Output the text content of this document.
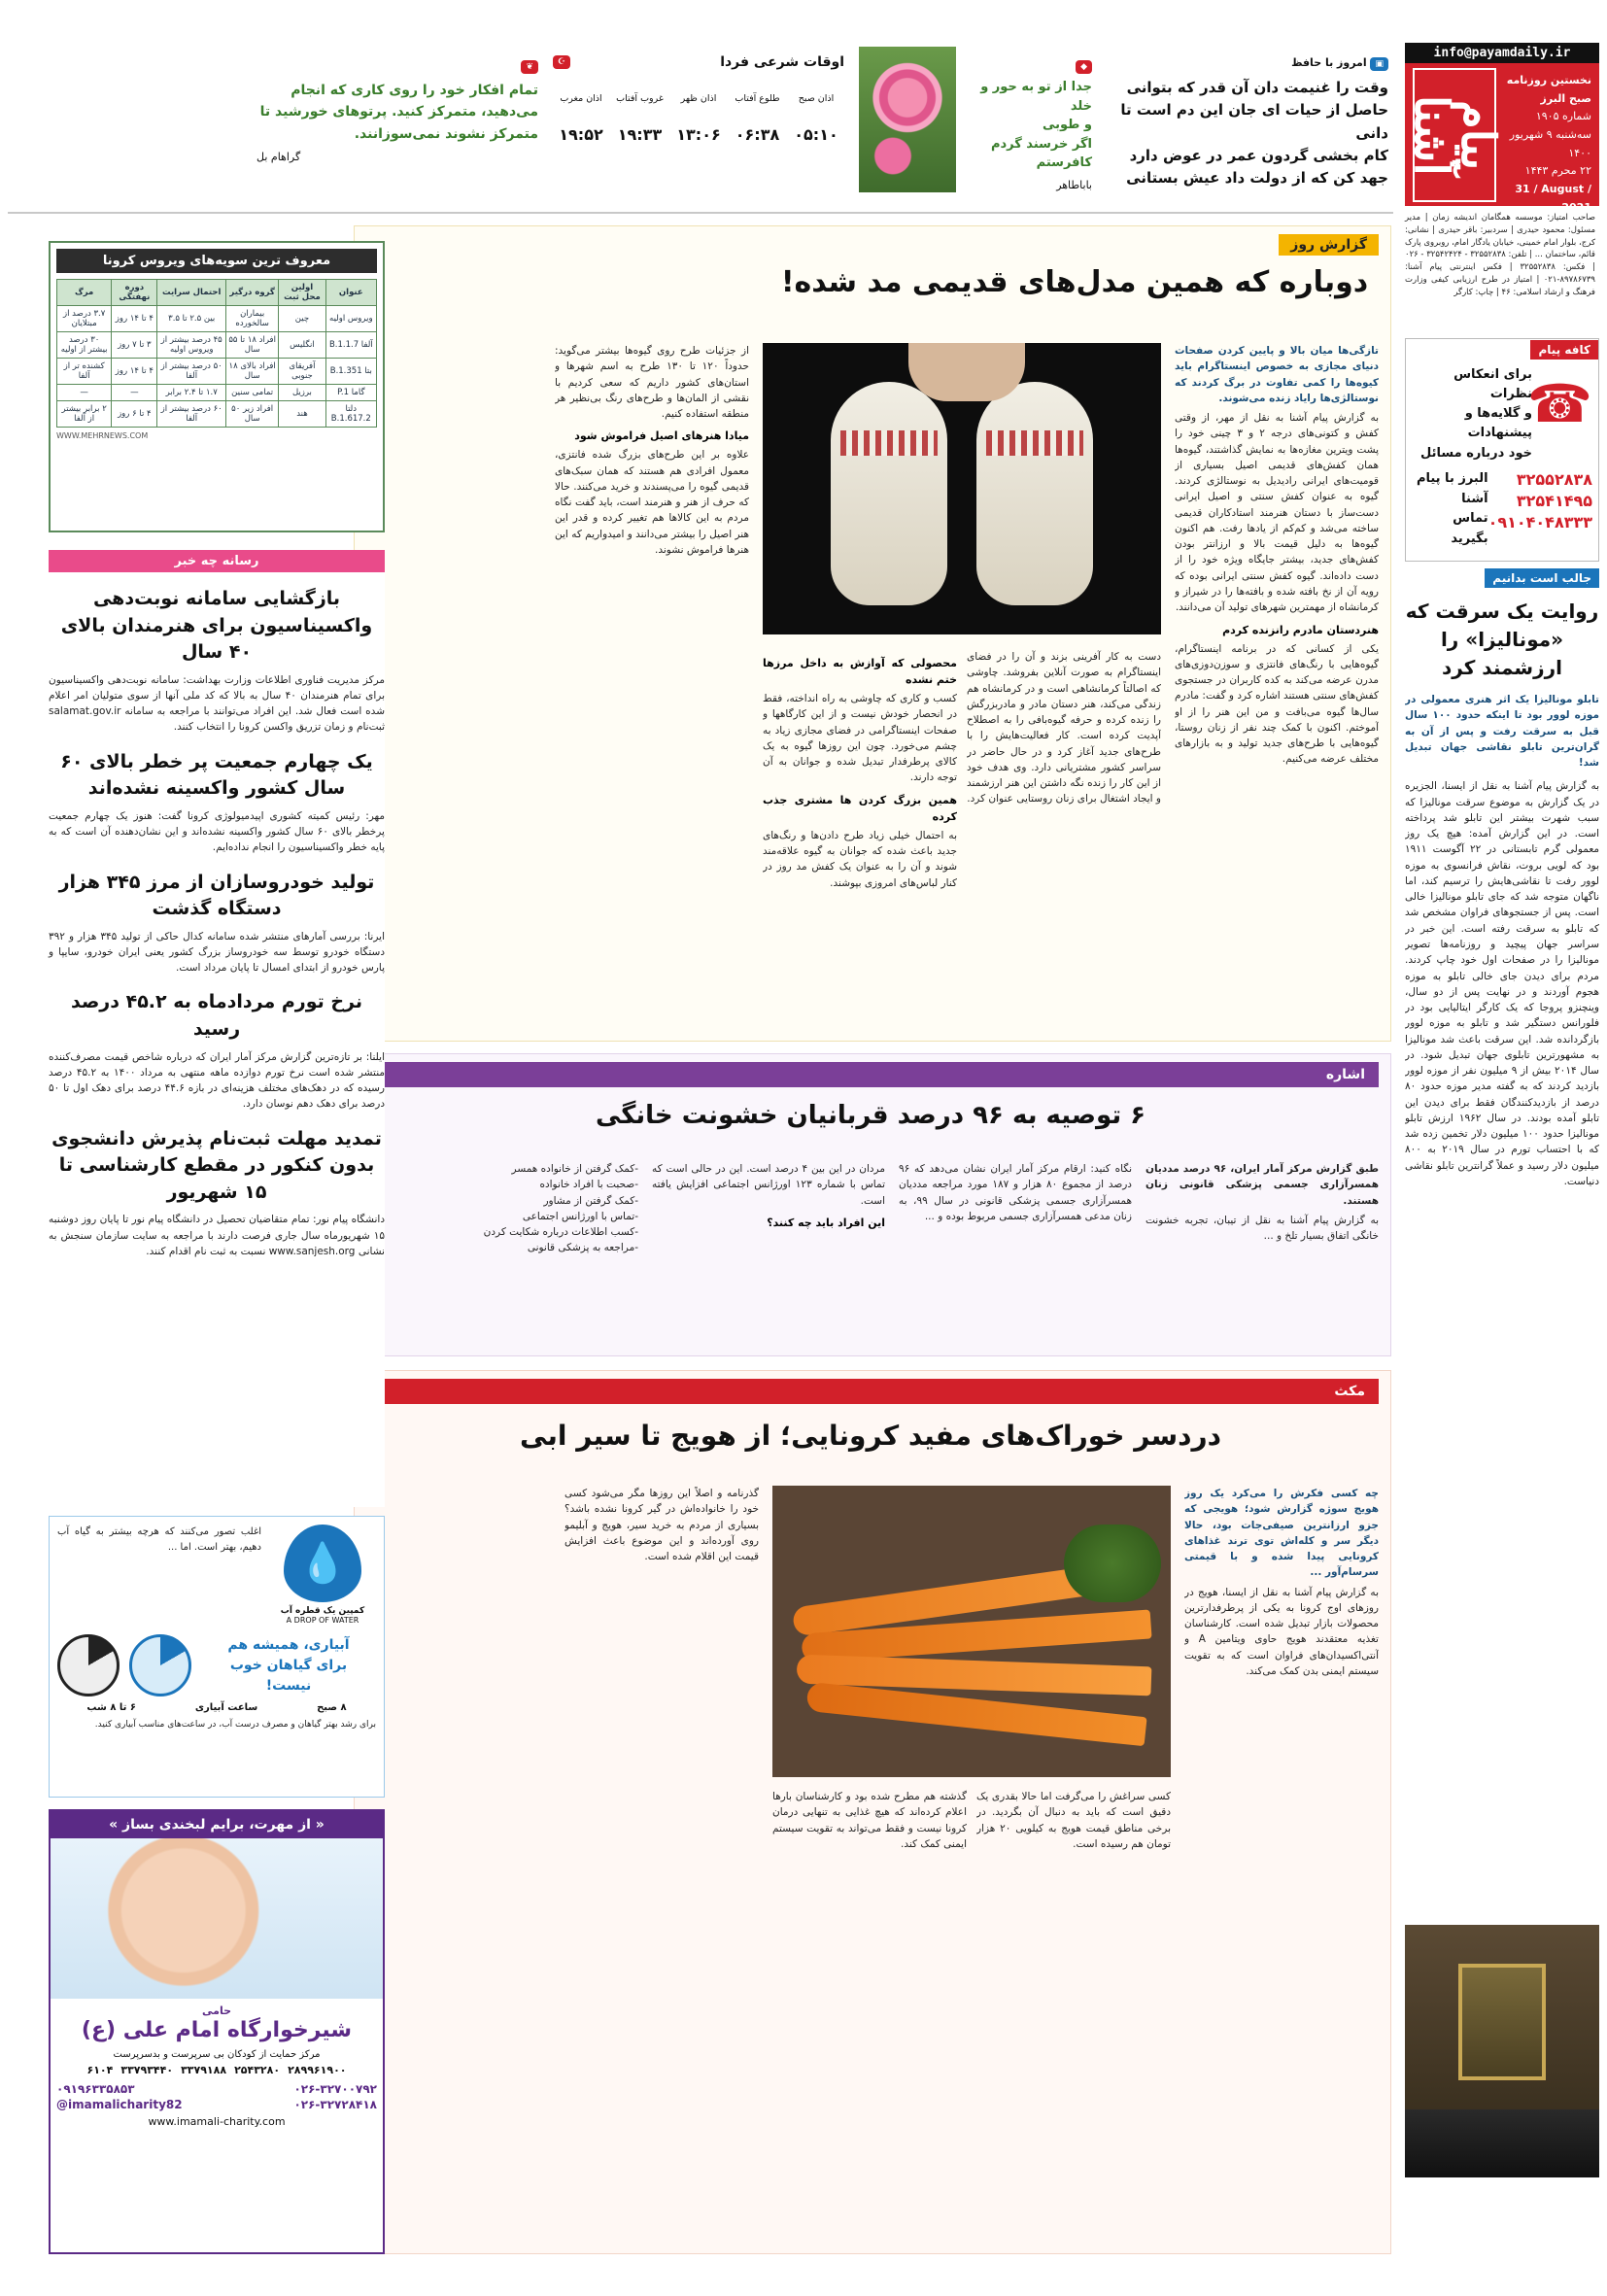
info@payamdaily.ir
پیام آشنا
نخستین روزنامه صبح البرز
شماره ۱۹۰۵
سه‌شنبه ۹ شهریور ۱۴۰۰
۲۲ محرم ۱۴۴۳
31 / August / 2021
صاحب امتیاز: موسسه همگامان اندیشه زمان | مدیر مسئول: محمود حیدری | سردبیر: باقر حیدری | نشانی: کرج، بلوار امام خمینی، خیابان یادگار امام، روبروی پارک قائم، ساختمان ... | تلفن: ۳۲۵۵۲۸۳۸ - ۳۲۵۴۲۴۲۴ - ۰۲۶ | فکس: ۳۲۵۵۲۸۳۸ | فکس اینترنتی پیام آشنا: ۸۹۷۸۶۷۳۹-۰۲۱ | امتیاز در طرح ارزیابی کیفی وزارت فرهنگ و ارشاد اسلامی: ۴۶ | چاپ: کارگر
▣ امروز با حافظ
وقت را غنیمت دان آن قدر که بتوانی
حاصل از حیات ای جان این دم است تا دانی
کام بخشی گردون عمر در عوض دارد
جهد کن که از دولت داد عیش بستانی
◆
جدا از تو به حور و خلد
و طوبی
اگر خرسند گردم
کافرستم
باباطاهر
اوقات شرعی فردا
☪
اذان صبح
۰۵:۱۰
طلوع آفتاب
۰۶:۳۸
اذان ظهر
۱۳:۰۶
غروب آفتاب
۱۹:۳۳
اذان مغرب
۱۹:۵۲
❦
تمام افکار خود را روی کاری که انجام می‌دهید، متمرکز کنید. پرتوهای خورشید تا متمرکز نشوند نمی‌سوزانند.
گراهام بل
کافه پیام
☎
برای انعکاس نظرات
و گلایه‌ها و پیشنهادات
خود درباره مسائل
۳۲۵۵۲۸۳۸
۳۲۵۴۱۴۹۵
۰۹۱۰۴۰۴۸۳۳۳
البرز با پیام آشنا
تماس بگیرید
جالب است بدانیم
روایت یک سرقت که «مونالیزا» را ارزشمند کرد
تابلو مونالیزا یک اثر هنری معمولی در موزه لوور بود تا اینکه حدود ۱۰۰ سال قبل به سرقت رفت و پس از آن به گران‌ترین تابلو نقاشی جهان تبدیل شد!
به گزارش پیام آشنا به نقل از ایسنا، الجزیره در یک گزارش به موضوع سرقت مونالیزا که سبب شهرت بیشتر این تابلو شد پرداخته است. در این گزارش آمده: هیچ یک روز معمولی گرم تابستانی در ۲۲ آگوست ۱۹۱۱ بود که لویی بروت، نقاش فرانسوی به موزه لوور رفت تا نقاشی‌هایش را ترسیم کند، اما ناگهان متوجه شد که جای تابلو مونالیزا خالی است. پس از جستجوهای فراوان مشخص شد که تابلو به سرقت رفته است. این خبر در سراسر جهان پیچید و روزنامه‌ها تصویر مونالیزا را در صفحات اول خود چاپ کردند. مردم برای دیدن جای خالی تابلو به موزه هجوم آوردند و در نهایت پس از دو سال، وینچنزو پروجا که یک کارگر ایتالیایی بود در فلورانس دستگیر شد و تابلو به موزه لوور بازگردانده شد. این سرقت باعث شد مونالیزا به مشهورترین تابلوی جهان تبدیل شود. در سال ۲۰۱۴ بیش از ۹ میلیون نفر از موزه لوور بازدید کردند که به گفته مدیر موزه حدود ۸۰ درصد از بازدیدکنندگان فقط برای دیدن این تابلو آمده بودند. در سال ۱۹۶۲ ارزش تابلو مونالیزا حدود ۱۰۰ میلیون دلار تخمین زده شد که با احتساب تورم در سال ۲۰۱۹ به ۸۰۰ میلیون دلار رسید و عملاً گرانترین تابلو نقاشی دنیاست.
گزارش روز
دوباره که همین مدل‌های قدیمی مد شده!

تازگی‌ها میان بالا و پایین کردن صفحات دنیای مجازی به خصوص اینستاگرام باید کیوه‌ها را کمی تفاوت در برگ کردند که نوستالژی‌ها رایاد زنده می‌شوند.

به گزارش پیام آشنا به نقل از مهر، از وقتی کفش و کتونی‌های درجه ۲ و ۳ چینی خود را پشت ویترین مغازه‌ها به نمایش گذاشتند، گیوه‌ها همان کفش‌های قدیمی اصیل بسیاری از قومیت‌های ایرانی رادیدیل به نوستالژی کردند. گیوه به عنوان کفش سنتی و اصیل ایرانی دست‌ساز با دستان هنرمند استادکاران قدیمی ساخته می‌شد و کم‌کم از یادها رفت. هم اکنون گیوه‌ها به دلیل قیمت بالا و ارزانتر بودن کفش‌های جدید، بیشتر جایگاه ویژه خود را از دست داده‌اند. گیوه کفش سنتی ایرانی بوده که رویه آن از نخ بافته شده و بافته‌ها را در شیراز و کرمانشاه از مهمترین شهرهای تولید آن می‌دانند.

هنردستان مادرم رانزنده کردم

یکی از کسانی که در برنامه اینستاگرام، گیوه‌هایی با رنگ‌های فانتزی و سوزن‌دوزی‌های مدرن عرضه می‌کند به کده کاربران در جستجوی کفش‌های سنتی هستند اشاره کرد و گفت: مادرم سال‌ها گیوه می‌بافت و من این هنر را از او آموختم. اکنون با کمک چند نفر از زنان روستا، گیوه‌هایی با طرح‌های جدید تولید و به بازارهای مختلف عرضه می‌کنیم.

دست به کار آفرینی بزند و آن را در فضای اینستاگرام به صورت آنلاین بفروشد. چاوشی که اصالتاً کرمانشاهی است و در کرمانشاه هم زندگی می‌کند، هنر دستان مادر و مادربزرگش را زنده کرده و حرفه گیوه‌بافی را به اصطلاح آپدیت کرده است. کار فعالیت‌هایش را با طرح‌های جدید آغاز کرد و در حال حاضر در سراسر کشور مشتریانی دارد. وی هدف خود از این کار را زنده نگه داشتن این هنر ارزشمند و ایجاد اشتغال برای زنان روستایی عنوان کرد.

محصولی که آوازش به داخل مرزها ختم نشده

کسب و کاری که چاوشی به راه انداخته، فقط در انحصار خودش نیست و از این کارگاهها و صفحات اینستاگرامی در فضای مجازی زیاد به چشم می‌خورد. چون این روزها گیوه به یک کالای پرطرفدار تبدیل شده و جوانان به آن توجه دارند.

همین بزرگ کردن ها مشتری جذب کرده

به احتمال خیلی زیاد طرح دادن‌ها و رنگ‌های جدید باعث شده که جوانان به گیوه علاقه‌مند شوند و آن را به عنوان یک کفش مد روز در کنار لباس‌های امروزی بپوشند.

از جزئیات طرح روی گیوه‌ها بیشتر می‌گوید: حدوداً ۱۲۰ تا ۱۳۰ طرح به اسم شهرها و استان‌های کشور داریم که سعی کردیم با نقشی از المان‌ها و طرح‌های رنگ بی‌نظیر هر منطقه استفاده کنیم.

میادا هنرهای اصیل فراموش شود

علاوه بر این طرح‌های بزرگ شده فانتزی، معمول افرادی هم هستند که همان سبک‌های قدیمی گیوه را می‌پسندند و خرید می‌کنند. حالا که حرف از هنر و هنرمند است، باید گفت نگاه مردم به این کالاها هم تغییر کرده و قدر این هنر اصیل را بیشتر می‌دانند و امیدواریم که این هنرها فراموش نشوند.

اشاره
۶ توصیه به ۹۶ درصد قربانیان خشونت خانگی

طبق گزارش مرکز آمار ایران، ۹۶ درصد مددیان همسرآزاری جسمی پزشکی قانونی زنان هستند.

به گزارش پیام آشنا به نقل از تیبان، تجربه خشونت خانگی اتفاق بسیار تلخ و ...

نگاه کنید: ارقام مرکز آمار ایران نشان می‌دهد که ۹۶ درصد از مجموع ۸۰ هزار و ۱۸۷ مورد مراجعه مددیان همسرآزاری جسمی پزشکی قانونی در سال ۹۹، به زنان مدعی همسرآزاری جسمی مربوط بوده و ...

مردان در این بین ۴ درصد است. این در حالی است که تماس با شماره ۱۲۳ اورژانس اجتماعی افزایش یافته است.

این افراد باید چه کنند؟
-کمک گرفتن از خانواده همسر
-صحبت با افراد خانواده
-کمک گرفتن از مشاور
-تماس با اورژانس اجتماعی
-کسب اطلاعات درباره شکایت کردن
-مراجعه به پزشکی قانونی
مکث
دردسر خوراک‌های مفید کرونایی؛ از هویج تا سیر ابی

چه کسی فکرش را می‌کرد یک روز هویج سوژه گزارش شود؛ هویجی که جزو ارزانترین صیفی‌جات بود، حالا دیگر سر و کله‌اش توی ترند غذاهای کرونایی پیدا شده و با قیمتی سرسام‌آور ...

به گزارش پیام آشنا به نقل از ایسنا، هویج در روزهای اوج کرونا به یکی از پرطرفدارترین محصولات بازار تبدیل شده است. کارشناسان تغذیه معتقدند هویج حاوی ویتامین A و آنتی‌اکسیدان‌های فراوان است که به تقویت سیستم ایمنی بدن کمک می‌کند.

کسی سراغش را می‌گرفت اما حالا بقدری یک دقیق است که باید به دنبال آن بگردید. در برخی مناطق قیمت هویج به کیلویی ۲۰ هزار تومان هم رسیده است.

گذشته هم مطرح شده بود و کارشناسان بارها اعلام کرده‌اند که هیچ غذایی به تنهایی درمان کرونا نیست و فقط می‌تواند به تقویت سیستم ایمنی کمک کند.

گذرنامه و اصلاً این روزها مگر می‌شود کسی خود را خانواده‌اش در گیر کرونا نشده باشد؟ بسیاری از مردم به خرید سیر، هویج و آبلیمو روی آورده‌اند و این موضوع باعث افزایش قیمت این اقلام شده است.

معروف ترین سویه‌های ویروس کرونا
عنوان	اولین محل ثبت	گروه درگیر	احتمال سرایت	دوره نهفتگی	مرگ
ویروس اولیه	چین	بیماران سالخورده	بین ۲.۵ تا ۳.۵	۴ تا ۱۴ روز	۳.۷ درصد از مبتلایان
آلفا B.1.1.7	انگلیس	افراد ۱۸ تا ۵۵ سال	۴۵ درصد بیشتر از ویروس اولیه	۳ تا ۷ روز	۳۰ درصد بیشتر از اولیه
بتا B.1.351	آفریقای جنوبی	افراد بالای ۱۸ سال	۵۰ درصد بیشتر از آلفا	۴ تا ۱۴ روز	کشنده تر از آلفا
گاما P.1	برزیل	تمامی سنین	۱.۷ تا ۲.۴ برابر	—	—
دلتا B.1.617.2	هند	افراد زیر ۵۰ سال	۶۰ درصد بیشتر از آلفا	۴ تا ۶ روز	۲ برابر بیشتر از آلفا
WWW.MEHRNEWS.COM
رسانه چه خبر
بازگشایی سامانه نوبت‌دهی واکسیناسیون برای هنرمندان بالای ۴۰ سال
مرکز مدیریت فناوری اطلاعات وزارت بهداشت: سامانه نوبت‌دهی واکسیناسیون برای تمام هنرمندان ۴۰ سال به بالا که کد ملی آنها از سوی متولیان امر اعلام شده است فعال شد. این افراد می‌توانند با مراجعه به سامانه salamat.gov.ir ثبت‌نام و زمان تزریق واکسن کرونا را انتخاب کنند.
یک چهارم جمعیت پر خطر بالای ۶۰ سال کشور واکسینه نشده‌اند
مهر: رئیس کمیته کشوری اپیدمیولوژی کرونا گفت: هنوز یک چهارم جمعیت پرخطر بالای ۶۰ سال کشور واکسینه نشده‌اند و این نشان‌دهنده آن است که به پایه خطر واکسیناسیون را انجام نداده‌ایم.
تولید خودروسازان از مرز ۳۴۵ هزار دستگاه گذشت
ایرنا: بررسی آمارهای منتشر شده سامانه کدال حاکی از تولید ۳۴۵ هزار و ۳۹۲ دستگاه خودرو توسط سه خودروساز بزرگ کشور یعنی ایران خودرو، سایپا و پارس خودرو از ابتدای امسال تا پایان مرداد است.
نرخ تورم مردادماه به ۴۵.۲ درصد رسید
ایلنا: بر تازه‌ترین گزارش مرکز آمار ایران که درباره شاخص قیمت مصرف‌کننده منتشر شده است نرخ تورم دوازده ماهه منتهی به مرداد ۱۴۰۰ به ۴۵.۲ درصد رسیده که در دهک‌های مختلف هزینه‌ای در بازه ۴۴.۶ درصد برای دهک اول تا ۵۰ درصد برای دهک دهم نوسان دارد.
تمدید مهلت ثبت‌نام پذیرش دانشجوی بدون کنکور در مقطع کارشناسی تا ۱۵ شهریور
دانشگاه پیام نور: تمام متقاضیان تحصیل در دانشگاه پیام نور تا پایان روز دوشنبه ۱۵ شهریورماه سال جاری فرصت دارند با مراجعه به سایت سازمان سنجش به نشانی www.sanjesh.org نسبت به ثبت نام اقدام کنند.
💧
کمپین یک قطره آب
A DROP OF WATER
اغلب تصور می‌کنند که هرچه بیشتر به گیاه آب دهیم، بهتر است. اما ...
آبیاری، همیشه هم
برای گیاهان خوب
نیست!
۸ صبح
ساعت آبیاری
۶ تا ۸ شب
برای رشد بهتر گیاهان و مصرف درست آب، در ساعت‌های مناسب آبیاری کنید.
« از مهرت، برایم لبخندی بساز »
حامی
شیرخوارگاه امام علی (ع)
مرکز حمایت از کودکان بی سرپرست و بدسرپرست
۲۸۹۹۶۱۹۰۰
۲۵۴۳۲۸۰
۳۳۷۹۱۸۸
۳۳۷۹۳۴۴۰
۶۱۰۴
۰۲۶-۳۲۷۰۰۷۹۲
۰۹۱۹۶۳۳۵۸۵۳
۰۲۶-۳۲۷۲۸۴۱۸
@imamalicharity82
www.imamali-charity.com
